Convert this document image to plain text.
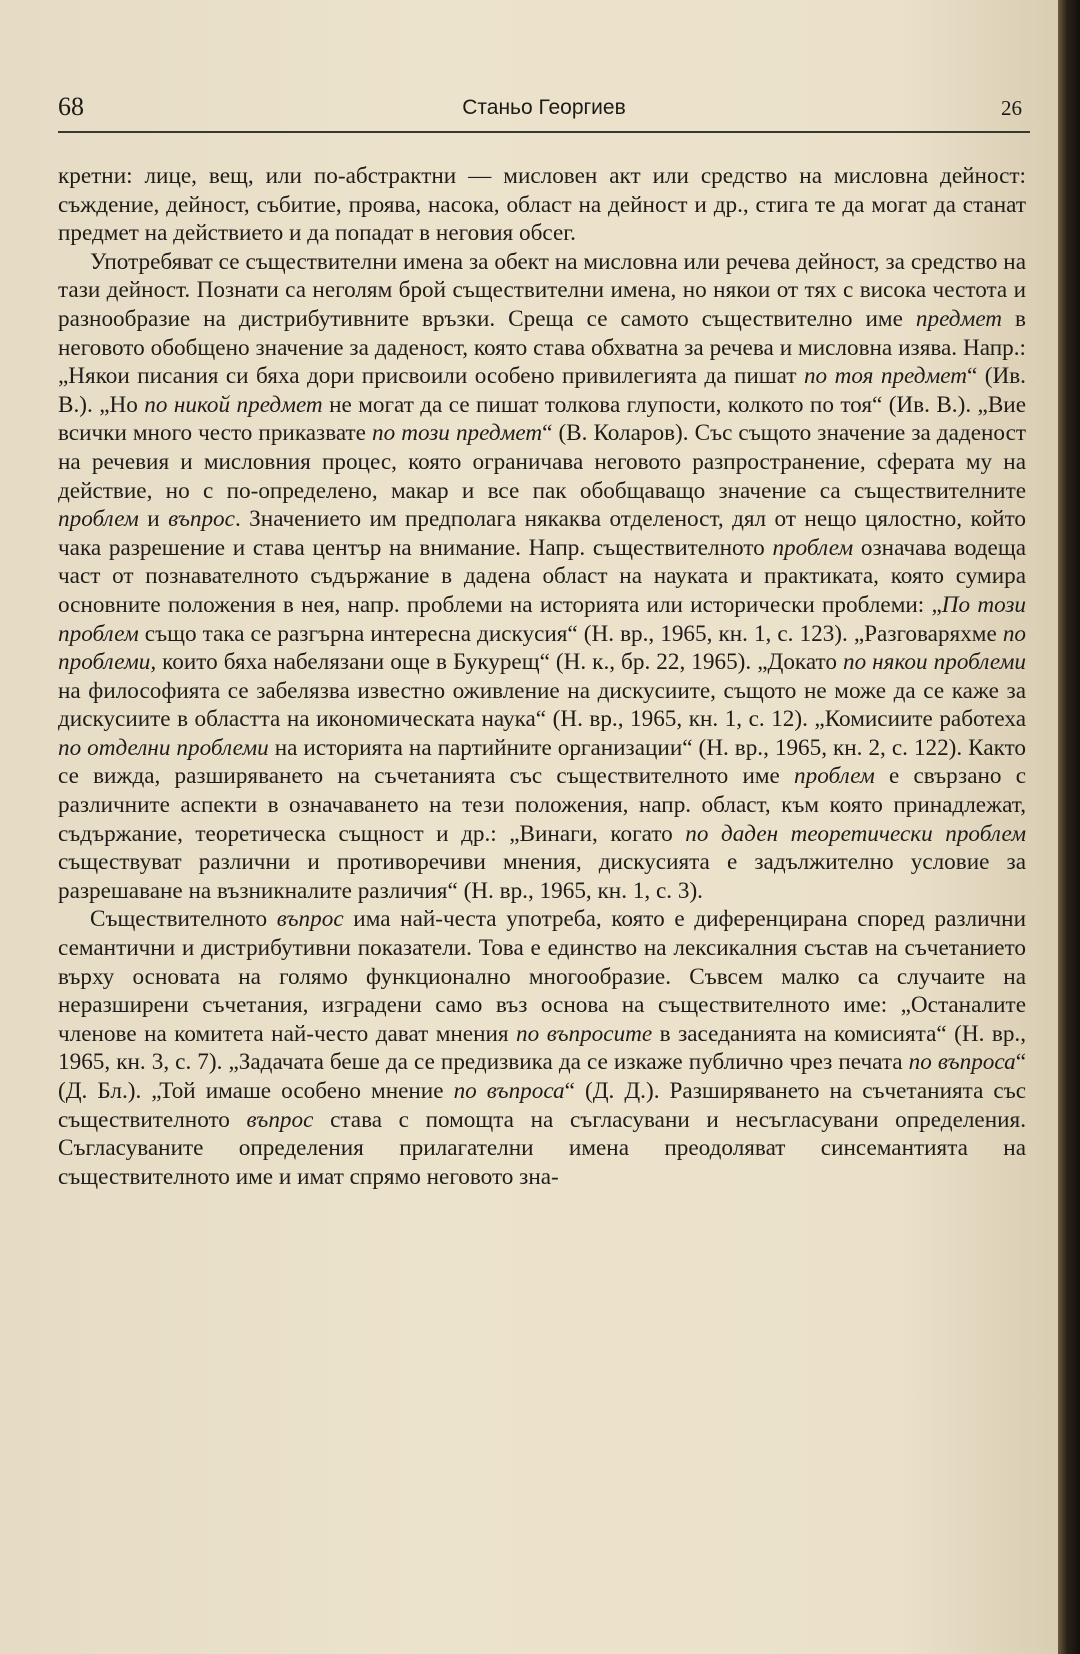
68	Станьо Георгиев	26

кретни: лице, вещ, или по-абстрактни — мисловен акт или средство на мисловна дейност: съждение, дейност, събитие, проява, насока, област на дейност и др., стига те да могат да станат предмет на действието и да попадат в неговия обсег.

Употребяват се съществителни имена за обект на мисловна или речева дейност, за средство на тази дейност. Познати са неголям брой съществителни имена, но някои от тях с висока честота и разнообразие на дистрибутивните връзки. Среща се самото съществително име предмет в неговото обобщено значение за даденост, която става обхватна за речева и мисловна изява. Напр.: „Някои писания си бяха дори присвоили особено привилегията да пишат по тоя предмет“ (Ив. В.). „Но по никой предмет не могат да се пишат толкова глупости, колкото по тоя“ (Ив. В.). „Вие всички много често приказвате по този предмет“ (В. Коларов). Със същото значение за даденост на речевия и мисловния процес, която ограничава неговото разпространение, сферата му на действие, но с по-определено, макар и все пак обобщаващо значение са съществителните проблем и въпрос. Значението им предполага някаква отделеност, дял от нещо цялостно, който чака разрешение и става център на внимание. Напр. съществителното проблем означава водеща част от познавателното съдържание в дадена област на науката и практиката, която сумира основните положения в нея, напр. проблеми на историята или исторически проблеми: „По този проблем също така се разгърна интересна дискусия“ (Н. вр., 1965, кн. 1, с. 123). „Разговаряхме по проблеми, които бяха набелязани още в Букурещ“ (Н. к., бр. 22, 1965). „Докато по някои проблеми на философията се забелязва известно оживление на дискусиите, същото не може да се каже за дискусиите в областта на икономическата наука“ (Н. вр., 1965, кн. 1, с. 12). „Комисиите работеха по отделни проблеми на историята на партийните организации“ (Н. вр., 1965, кн. 2, с. 122). Както се вижда, разширяването на съчетанията със съществителното име проблем е свързано с различните аспекти в означаването на тези положения, напр. област, към която принадлежат, съдържание, теоретическа същност и др.: „Винаги, когато по даден теоретически проблем съществуват различни и противоречиви мнения, дискусията е задължително условие за разрешаване на възникналите различия“ (Н. вр., 1965, кн. 1, с. 3).

Съществителното въпрос има най-честа употреба, която е диференцирана според различни семантични и дистрибутивни показатели. Това е единство на лексикалния състав на съчетанието върху основата на голямо функционално многообразие. Съвсем малко са случаите на неразширени съчетания, изградени само въз основа на съществителното име: „Останалите членове на комитета най-често дават мнения по въпросите в заседанията на комисията“ (Н. вр., 1965, кн. 3, с. 7). „Задачата беше да се предизвика да се изкаже публично чрез печата по въпроса“ (Д. Бл.). „Той имаше особено мнение по въпроса“ (Д. Д.). Разширяването на съчетанията със съществителното въпрос става с помощта на съгласувани и несъгласувани определения. Съгласуваните определения прилагателни имена преодоляват синсемантията на съществителното име и имат спрямо неговото зна-
